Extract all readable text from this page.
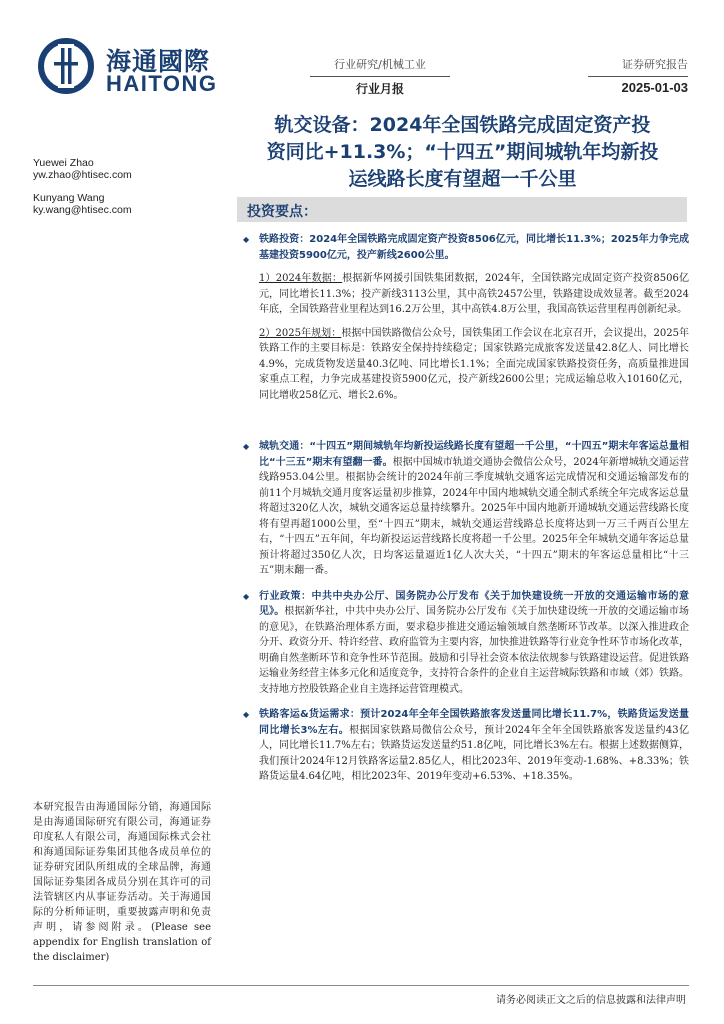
海通國際
HAITONG
行业研究/机械工业
行业月报
证券研究报告
2025-01-03
轨交设备：2024年全国铁路完成固定资产投
资同比+11.3%；“十四五”期间城轨年均新投
运线路长度有望超一千公里
Yuewei Zhao
yw.zhao@htisec.com
Kunyang Wang
ky.wang@htisec.com	投资要点：
◆ 铁路投资：2024年全国铁路完成固定资产投资8506亿元，同比增长11.3%；2025年力争完成基建投资5900亿元，投产新线2600公里。
1）2024年数据：根据新华网援引国铁集团数据，2024年，全国铁路完成固定资产投资8506亿元，同比增长11.3%；投产新线3113公里，其中高铁2457公里，铁路建设成效显著。截至2024年底，全国铁路营业里程达到16.2万公里，其中高铁4.8万公里，我国高铁运营里程再创新纪录。
2）2025年规划：根据中国铁路微信公众号，国铁集团工作会议在北京召开，会议提出，2025年铁路工作的主要目标是：铁路安全保持持续稳定；国家铁路完成旅客发送量42.8亿人、同比增长4.9%，完成货物发送量40.3亿吨、同比增长1.1%；全面完成国家铁路投资任务，高质量推进国家重点工程，力争完成基建投资5900亿元，投产新线2600公里；完成运输总收入10160亿元，同比增收258亿元、增长2.6%。
◆ 城轨交通：“十四五”期间城轨年均新投运线路长度有望超一千公里，“十四五”期末年客运总量相比“十三五”期末有望翻一番。根据中国城市轨道交通协会微信公众号，2024年新增城轨交通运营线路953.04公里。根据协会统计的2024年前三季度城轨交通客运完成情况和交通运输部发布的前11个月城轨交通月度客运量初步推算，2024年中国内地城轨交通全制式系统全年完成客运总量将超过320亿人次，城轨交通客运总量持续攀升。2025年中国内地新开通城轨交通运营线路长度将有望再超1000公里，至“十四五”期末，城轨交通运营线路总长度将达到一万三千两百公里左右，“十四五”五年间，年均新投运运营线路长度将超一千公里。2025年全年城轨交通年客运总量预计将超过350亿人次，日均客运量逼近1亿人次大关，“十四五”期末的年客运总量相比“十三五”期末翻一番。
◆ 行业政策：中共中央办公厅、国务院办公厅发布《关于加快建设统一开放的交通运输市场的意见》。根据新华社，中共中央办公厅、国务院办公厅发布《关于加快建设统一开放的交通运输市场的意见》，在铁路治理体系方面，要求稳步推进交通运输领域自然垄断环节改革。以深入推进政企分开、政资分开、特许经营、政府监管为主要内容，加快推进铁路等行业竞争性环节市场化改革，明确自然垄断环节和竞争性环节范围。鼓励和引导社会资本依法依规参与铁路建设运营。促进铁路运输业务经营主体多元化和适度竞争，支持符合条件的企业自主运营城际铁路和市域（郊）铁路。支持地方控股铁路企业自主选择运营管理模式。
◆ 铁路客运&货运需求：预计2024年全年全国铁路旅客发送量同比增长11.7%，铁路货运发送量同比增长3%左右。根据国家铁路局微信公众号，预计2024年全年全国铁路旅客发送量约43亿人，同比增长11.7%左右；铁路货运发送量约51.8亿吨，同比增长3%左右。根据上述数据侧算，我们预计2024年12月铁路客运量2.85亿人，相比2023年、2019年变动-1.68%、+8.33%；铁路货运量4.64亿吨，相比2023年、2019年变动+6.53%、+18.35%。
本研究报告由海通国际分销，海通国际是由海通国际研究有限公司，海通证券印度私人有限公司，海通国际株式会社和海通国际证券集团其他各成员单位的证券研究团队所组成的全球品牌，海通国际证券集团各成员分别在其许可的司法管辖区内从事证券活动。关于海通国际的分析师证明，重要披露声明和免责声明，请参阅附录。(Please see appendix for English translation of the disclaimer)
请务必阅读正文之后的信息披露和法律声明
